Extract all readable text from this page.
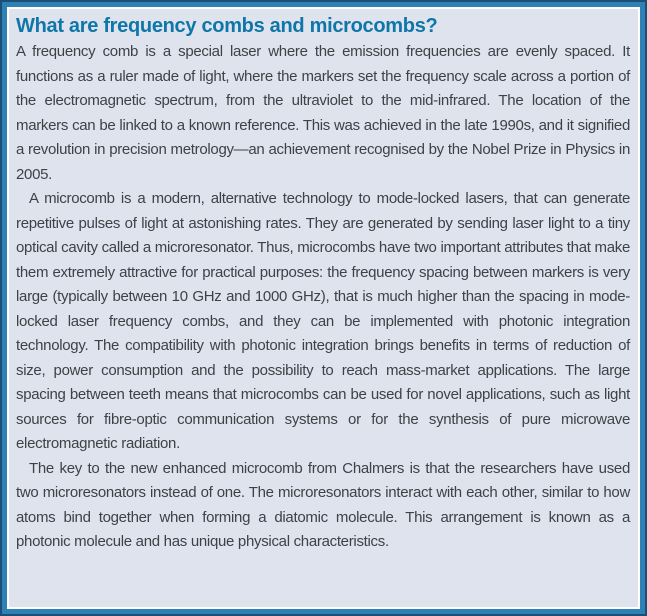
What are frequency combs and microcombs?

A frequency comb is a special laser where the emission frequencies are evenly spaced. It functions as a ruler made of light, where the markers set the frequency scale across a portion of the electromagnetic spectrum, from the ultraviolet to the mid-infrared. The location of the markers can be linked to a known reference. This was achieved in the late 1990s, and it signified a revolution in precision metrology—an achievement recognised by the Nobel Prize in Physics in 2005.

A microcomb is a modern, alternative technology to mode-locked lasers, that can generate repetitive pulses of light at astonishing rates. They are generated by sending laser light to a tiny optical cavity called a microresonator. Thus, microcombs have two important attributes that make them extremely attractive for practical purposes: the frequency spacing between markers is very large (typically between 10 GHz and 1000 GHz), that is much higher than the spacing in mode-locked laser frequency combs, and they can be implemented with photonic integration technology. The compatibility with photonic integration brings benefits in terms of reduction of size, power consumption and the possibility to reach mass-market applications. The large spacing between teeth means that microcombs can be used for novel applications, such as light sources for fibre-optic communication systems or for the synthesis of pure microwave electromagnetic radiation.

The key to the new enhanced microcomb from Chalmers is that the researchers have used two microresonators instead of one. The microresonators interact with each other, similar to how atoms bind together when forming a diatomic molecule. This arrangement is known as a photonic molecule and has unique physical characteristics.
